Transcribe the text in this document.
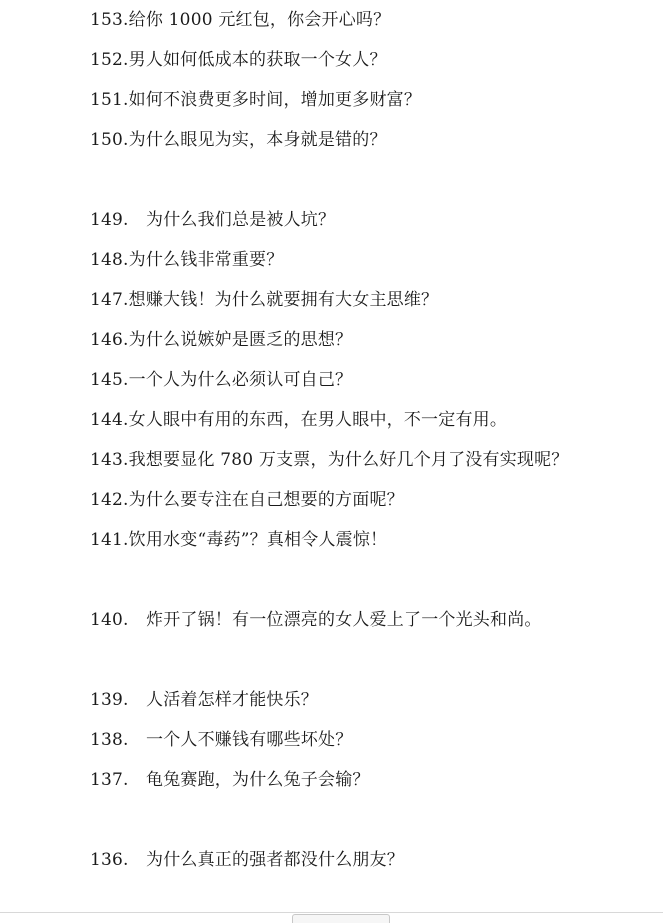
153.给你 1000 元红包，你会开心吗？
152.男人如何低成本的获取一个女人？
151.如何不浪费更多时间，增加更多财富？
150.为什么眼见为实，本身就是错的？
149. 为什么我们总是被人坑？
148.为什么钱非常重要？
147.想赚大钱！为什么就要拥有大女主思维？
146.为什么说嫉妒是匮乏的思想？
145.一个人为什么必须认可自己？
144.女人眼中有用的东西，在男人眼中，不一定有用。
143.我想要显化 780 万支票，为什么好几个月了没有实现呢？
142.为什么要专注在自己想要的方面呢？
141.饮用水变“毒药”？真相令人震惊！
140. 炸开了锅！有一位漂亮的女人爱上了一个光头和尚。
139. 人活着怎样才能快乐？
138. 一个人不赚钱有哪些坏处？
137. 龟兔赛跑，为什么兔子会输？
136. 为什么真正的强者都没什么朋友？
